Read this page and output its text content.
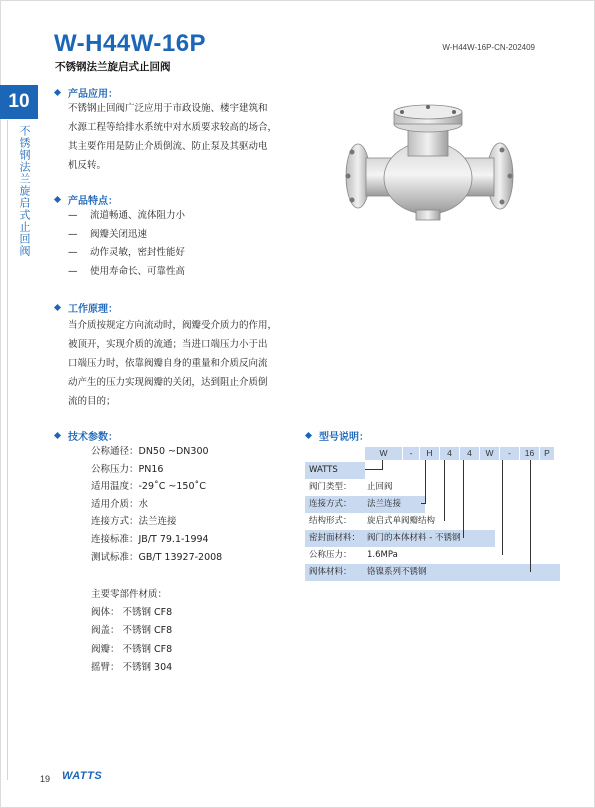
W-H44W-16P
不锈钢法兰旋启式止回阀
W-H44W-16P-CN-202409
10
不锈钢法兰旋启式止回阀
产品应用：
不锈钢止回阀广泛应用于市政设施、楼宇建筑和
水源工程等给排水系统中对水质要求较高的场合，
其主要作用是防止介质倒流、防止泵及其驱动电
机反转。
产品特点：
— 流道畅通、流体阻力小
— 阀瓣关闭迅速
— 动作灵敏，密封性能好
— 使用寿命长、可靠性高
工作原理：
当介质按规定方向流动时，阀瓣受介质力的作用，
被顶开，实现介质的流通；当进口端压力小于出
口端压力时，依靠阀瓣自身的重量和介质反向流
动产生的压力实现阀瓣的关闭，达到阻止介质倒
流的目的；
技术参数：
公称通径：DN50 ~DN300
公称压力：PN16
适用温度：-29˚C ~150˚C
适用介质：水
连接方式：法兰连接
连接标准：JB/T 79.1-1994
测试标准：GB/T 13927-2008
主要零部件材质：
阀体： 不锈钢 CF8
阀盖： 不锈钢 CF8
阀瓣： 不锈钢 CF8
摇臂： 不锈钢 304
型号说明：
W	-	H	4	4	W	-	16	P
WATTS
阀门类型：	止回阀
连接方式：	法兰连接
结构形式：	旋启式单阀瓣结构
密封面材料： 阀门的本体材料 - 不锈钢
公称压力：	1.6MPa
阀体材料：	铬镍系列不锈钢
19 WATTS
